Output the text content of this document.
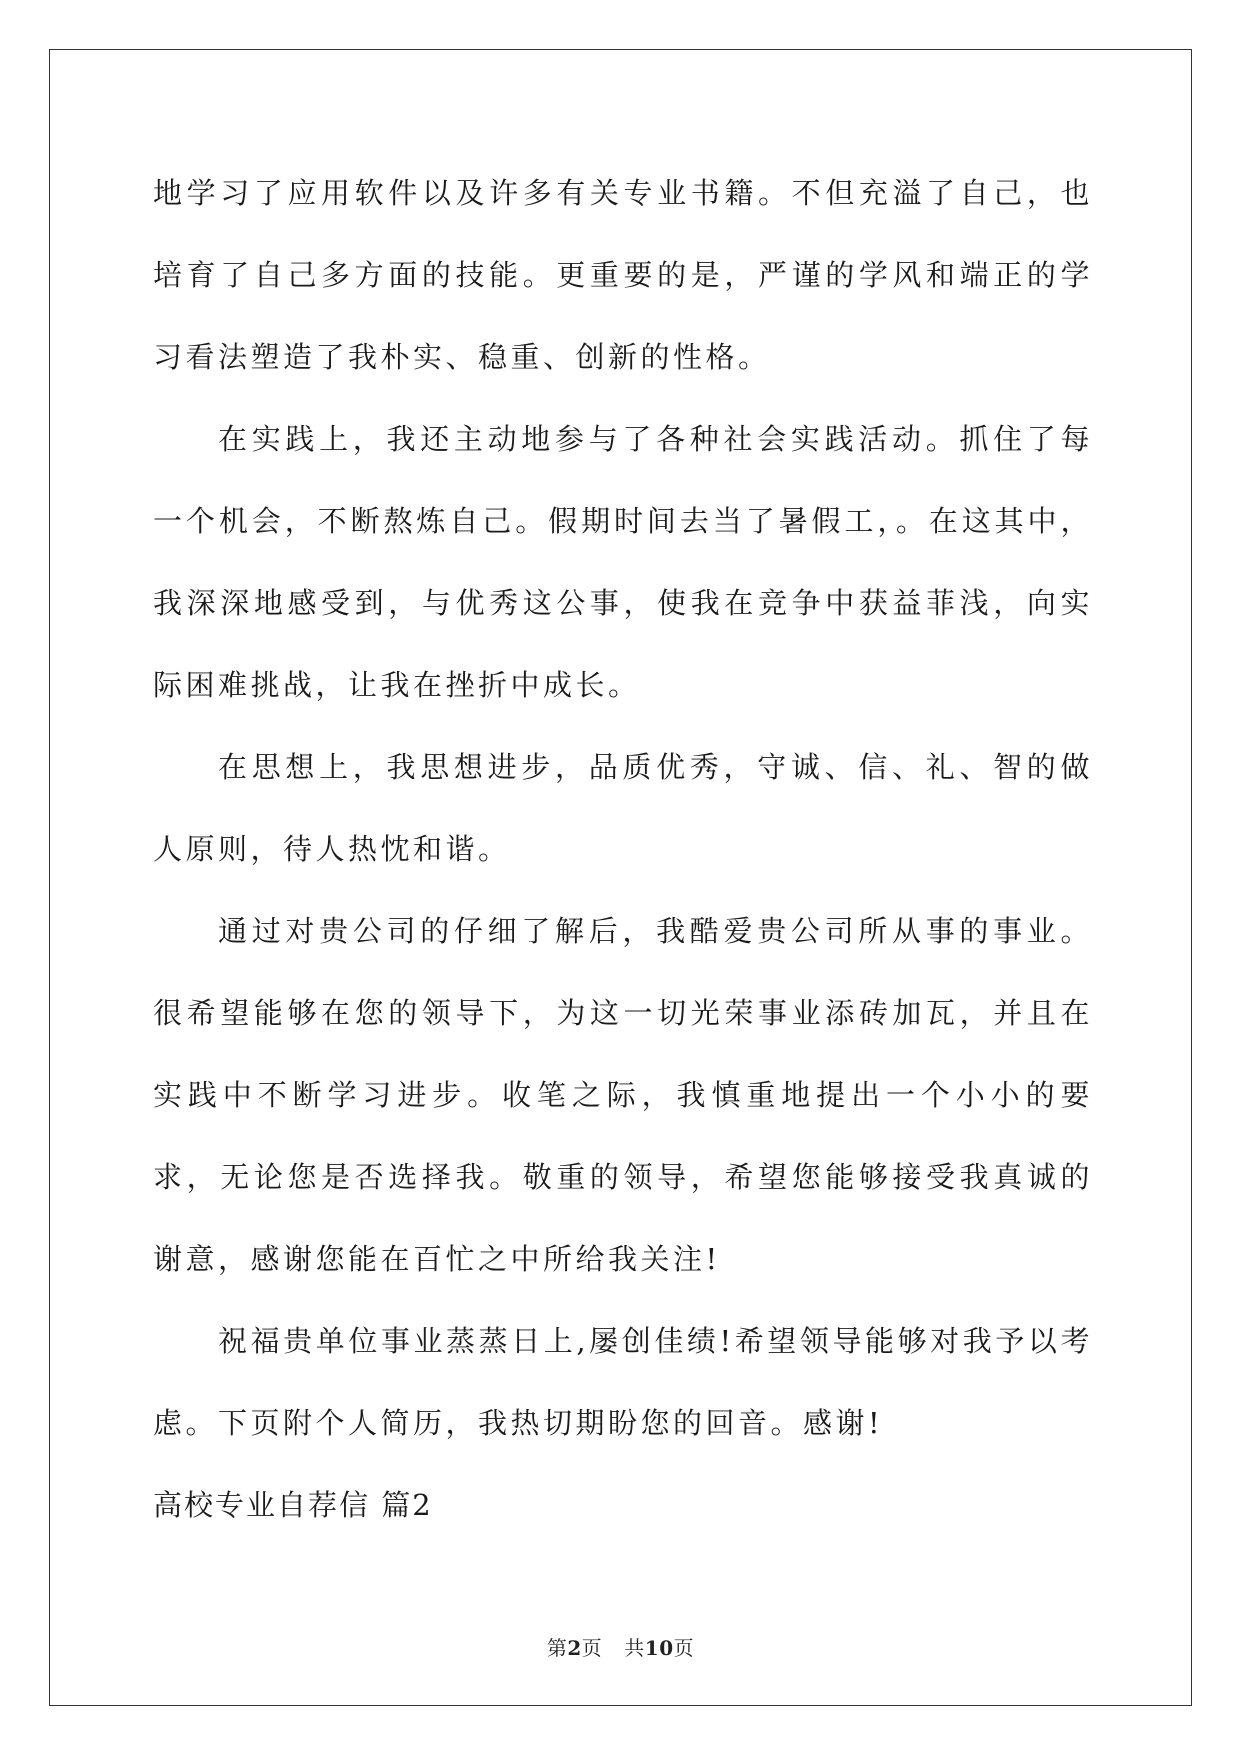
地学习了应用软件以及许多有关专业书籍。不但充溢了自己，也培育了自己多方面的技能。更重要的是，严谨的学风和端正的学习看法塑造了我朴实、稳重、创新的性格。

在实践上，我还主动地参与了各种社会实践活动。抓住了每一个机会，不断熬炼自己。假期时间去当了暑假工，。在这其中，我深深地感受到，与优秀这公事，使我在竞争中获益菲浅，向实际困难挑战，让我在挫折中成长。

在思想上，我思想进步，品质优秀，守诚、信、礼、智的做人原则，待人热忱和谐。

通过对贵公司的仔细了解后，我酷爱贵公司所从事的事业。很希望能够在您的领导下，为这一切光荣事业添砖加瓦，并且在实践中不断学习进步。收笔之际，我慎重地提出一个小小的要求，无论您是否选择我。敬重的领导，希望您能够接受我真诚的谢意，感谢您能在百忙之中所给我关注!

祝福贵单位事业蒸蒸日上,屡创佳绩!希望领导能够对我予以考虑。下页附个人简历，我热切期盼您的回音。感谢!

高校专业自荐信 篇2

第2页 共10页
